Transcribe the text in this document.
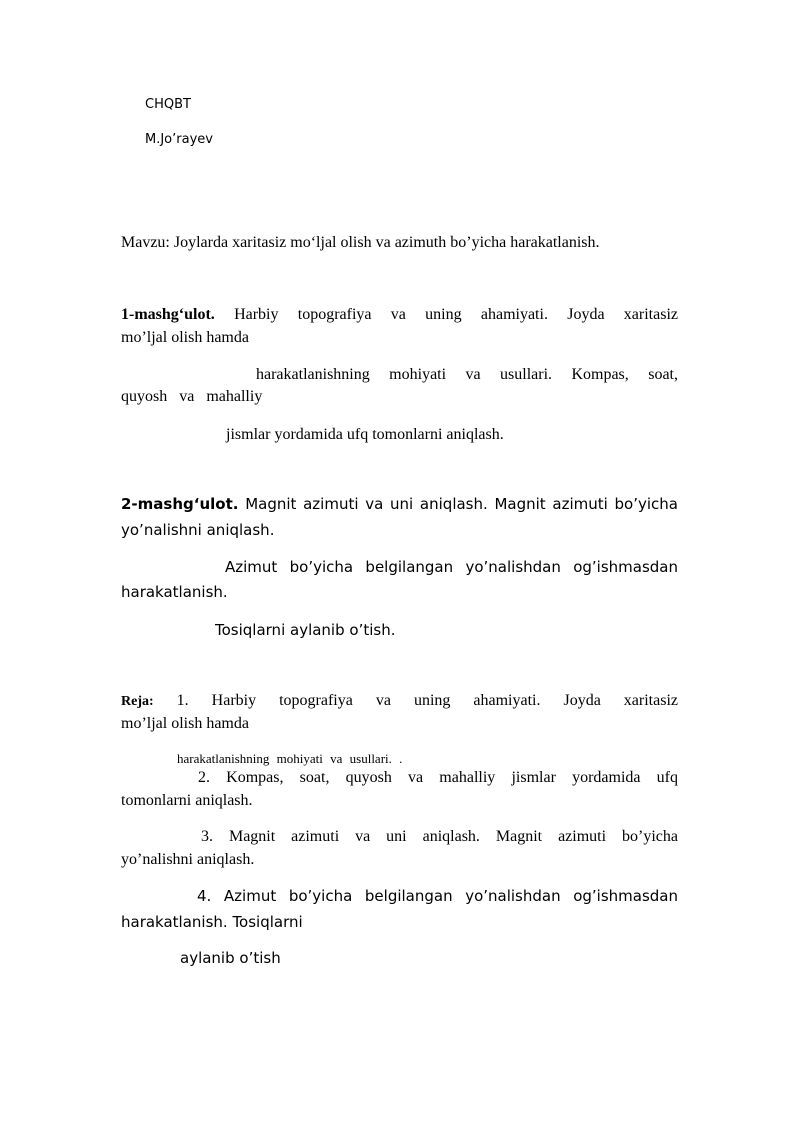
CHQBT
M.Jo’rayev
Mavzu: Joylarda xaritasiz mo‘ljal olish va azimuth bo’yicha harakatlanish.
1-mashg‘ulot. Harbiy topografiya va uning ahamiyati. Joyda xaritasiz
mo’ljal olish hamda
harakatlanishning mohiyati va usullari. Kompas, soat,
quyosh va mahalliy
jismlar yordamida ufq tomonlarni aniqlash.
2-mashg‘ulot. Magnit azimuti va uni aniqlash. Magnit azimuti bo’yicha
yo’nalishni aniqlash.
Azimut bo’yicha belgilangan yo’nalishdan og’ishmasdan
harakatlanish.
Tosiqlarni aylanib o’tish.
Reja: 1. Harbiy topografiya va uning ahamiyati. Joyda xaritasiz
mo’ljal olish hamda
harakatlanishning mohiyati va usullari. .
2. Kompas, soat, quyosh va mahalliy jismlar yordamida ufq
tomonlarni aniqlash.
3. Magnit azimuti va uni aniqlash. Magnit azimuti bo’yicha
yo’nalishni aniqlash.
4. Azimut bo’yicha belgilangan yo’nalishdan og’ishmasdan
harakatlanish. Tosiqlarni
aylanib o’tish
